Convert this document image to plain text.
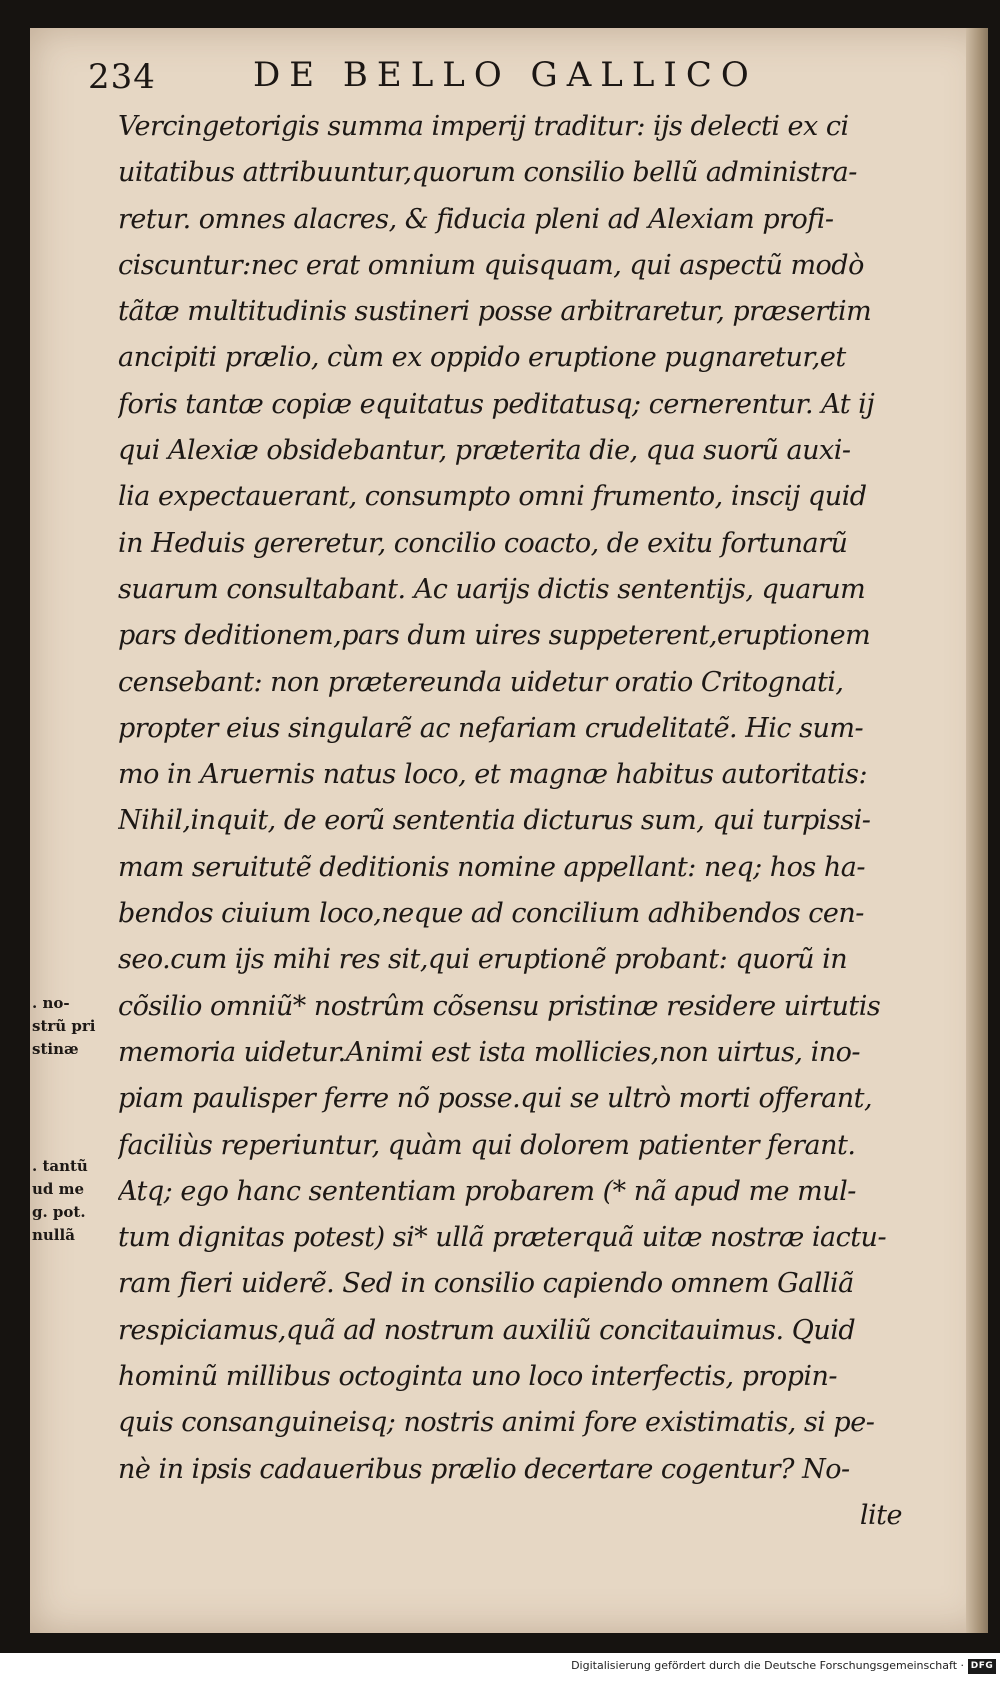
234	DE BELLO GALLICO
Vercingetorigis summa imperij traditur: ijs delecti ex ci
uitatibus attribuuntur,quorum consilio bellũ administra-
retur. omnes alacres, & fiducia pleni ad Alexiam profi-
ciscuntur:nec erat omnium quisquam, qui aspectũ modò
tãtæ multitudinis sustineri posse arbitraretur, præsertim
ancipiti prælio, cùm ex oppido eruptione pugnaretur,et
foris tantæ copiæ equitatus peditatusq; cernerentur. At ij
qui Alexiæ obsidebantur, præterita die, qua suorũ auxi-
lia expectauerant, consumpto omni frumento, inscij quid
in Heduis gereretur, concilio coacto, de exitu fortunarũ
suarum consultabant. Ac uarijs dictis sententijs, quarum
pars deditionem,pars dum uires suppeterent,eruptionem
censebant: non prætereunda uidetur oratio Critognati,
propter eius singularẽ ac nefariam crudelitatẽ. Hic sum-
mo in Aruernis natus loco, et magnæ habitus autoritatis:
Nihil,inquit, de eorũ sententia dicturus sum, qui turpissi-
mam seruitutẽ deditionis nomine appellant: neq; hos ha-
bendos ciuium loco,neque ad concilium adhibendos cen-
seo.cum ijs mihi res sit,qui eruptionẽ probant: quorũ in
cõsilio omniũ* nostrûm cõsensu pristinæ residere uirtutis
memoria uidetur.Animi est ista mollicies,non uirtus, ino-
piam paulisper ferre nõ posse.qui se ultrò morti offerant,
faciliùs reperiuntur, quàm qui dolorem patienter ferant.
Atq; ego hanc sententiam probarem (* nã apud me mul-
tum dignitas potest) si* ullã præterquã uitæ nostræ iactu-
ram fieri uiderẽ. Sed in consilio capiendo omnem Galliã
respiciamus,quã ad nostrum auxiliũ concitauimus. Quid
hominũ millibus octoginta uno loco interfectis, propin-
quis consanguineisq; nostris animi fore existimatis, si pe-
nè in ipsis cadaueribus prælio decertare cogentur? No-
lite
. no-
strũ pri
stinæ
. tantũ
ud me
g. pot.
nullã
Digitalisierung gefördert durch die Deutsche Forschungsgemeinschaft · DFG
